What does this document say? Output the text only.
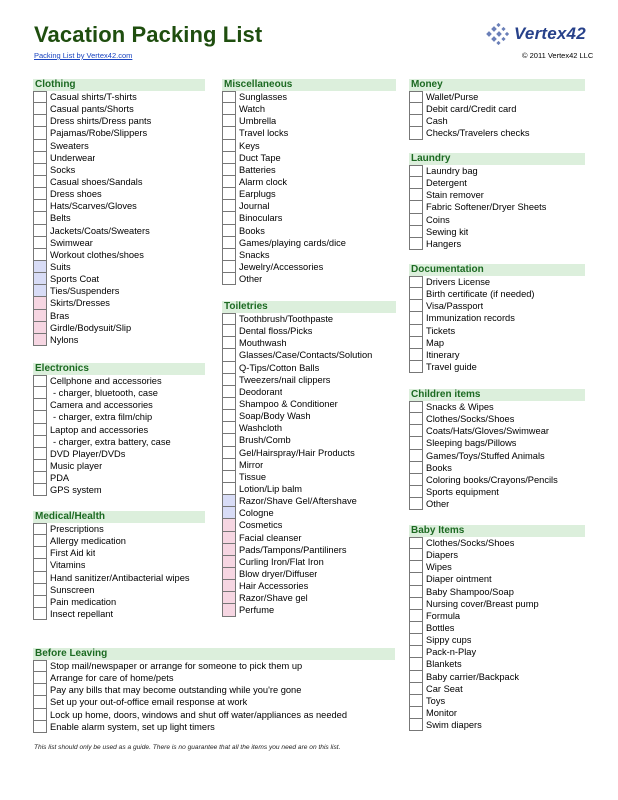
Vacation Packing List
Packing List by Vertex42.com
Vertex42
© 2011 Vertex42 LLC
Clothing
Casual shirts/T-shirts
Casual pants/Shorts
Dress shirts/Dress pants
Pajamas/Robe/Slippers
Sweaters
Underwear
Socks
Casual shoes/Sandals
Dress shoes
Hats/Scarves/Gloves
Belts
Jackets/Coats/Sweaters
Swimwear
Workout clothes/shoes
Suits
Sports Coat
Ties/Suspenders
Skirts/Dresses
Bras
Girdle/Bodysuit/Slip
Nylons
Electronics
Cellphone and accessories
- charger, bluetooth, case
Camera and accessories
- charger, extra film/chip
Laptop and accessories
- charger, extra battery, case
DVD Player/DVDs
Music player
PDA
GPS system
Medical/Health
Prescriptions
Allergy medication
First Aid kit
Vitamins
Hand sanitizer/Antibacterial wipes
Sunscreen
Pain medication
Insect repellant
Miscellaneous
Sunglasses
Watch
Umbrella
Travel locks
Keys
Duct Tape
Batteries
Alarm clock
Earplugs
Journal
Binoculars
Books
Games/playing cards/dice
Snacks
Jewelry/Accessories
Other
Toiletries
Toothbrush/Toothpaste
Dental floss/Picks
Mouthwash
Glasses/Case/Contacts/Solution
Q-Tips/Cotton Balls
Tweezers/nail clippers
Deodorant
Shampoo & Conditioner
Soap/Body Wash
Washcloth
Brush/Comb
Gel/Hairspray/Hair Products
Mirror
Tissue
Lotion/Lip balm
Razor/Shave Gel/Aftershave
Cologne
Cosmetics
Facial cleanser
Pads/Tampons/Pantiliners
Curling Iron/Flat Iron
Blow dryer/Diffuser
Hair Accessories
Razor/Shave gel
Perfume
Money
Wallet/Purse
Debit card/Credit card
Cash
Checks/Travelers checks
Laundry
Laundry bag
Detergent
Stain remover
Fabric Softener/Dryer Sheets
Coins
Sewing kit
Hangers
Documentation
Drivers License
Birth certificate (if needed)
Visa/Passport
Immunization records
Tickets
Map
Itinerary
Travel guide
Children items
Snacks & Wipes
Clothes/Socks/Shoes
Coats/Hats/Gloves/Swimwear
Sleeping bags/Pillows
Games/Toys/Stuffed Animals
Books
Coloring books/Crayons/Pencils
Sports equipment
Other
Baby Items
Clothes/Socks/Shoes
Diapers
Wipes
Diaper ointment
Baby Shampoo/Soap
Nursing cover/Breast pump
Formula
Bottles
Sippy cups
Pack-n-Play
Blankets
Baby carrier/Backpack
Car Seat
Toys
Monitor
Swim diapers
Before Leaving
Stop mail/newspaper or arrange for someone to pick them up
Arrange for care of home/pets
Pay any bills that may become outstanding while you're gone
Set up your out-of-office email response at work
Lock up home, doors, windows and shut off water/appliances as needed
Enable alarm system, set up light timers
This list should only be used as a guide. There is no guarantee that all the items you need are on this list.
